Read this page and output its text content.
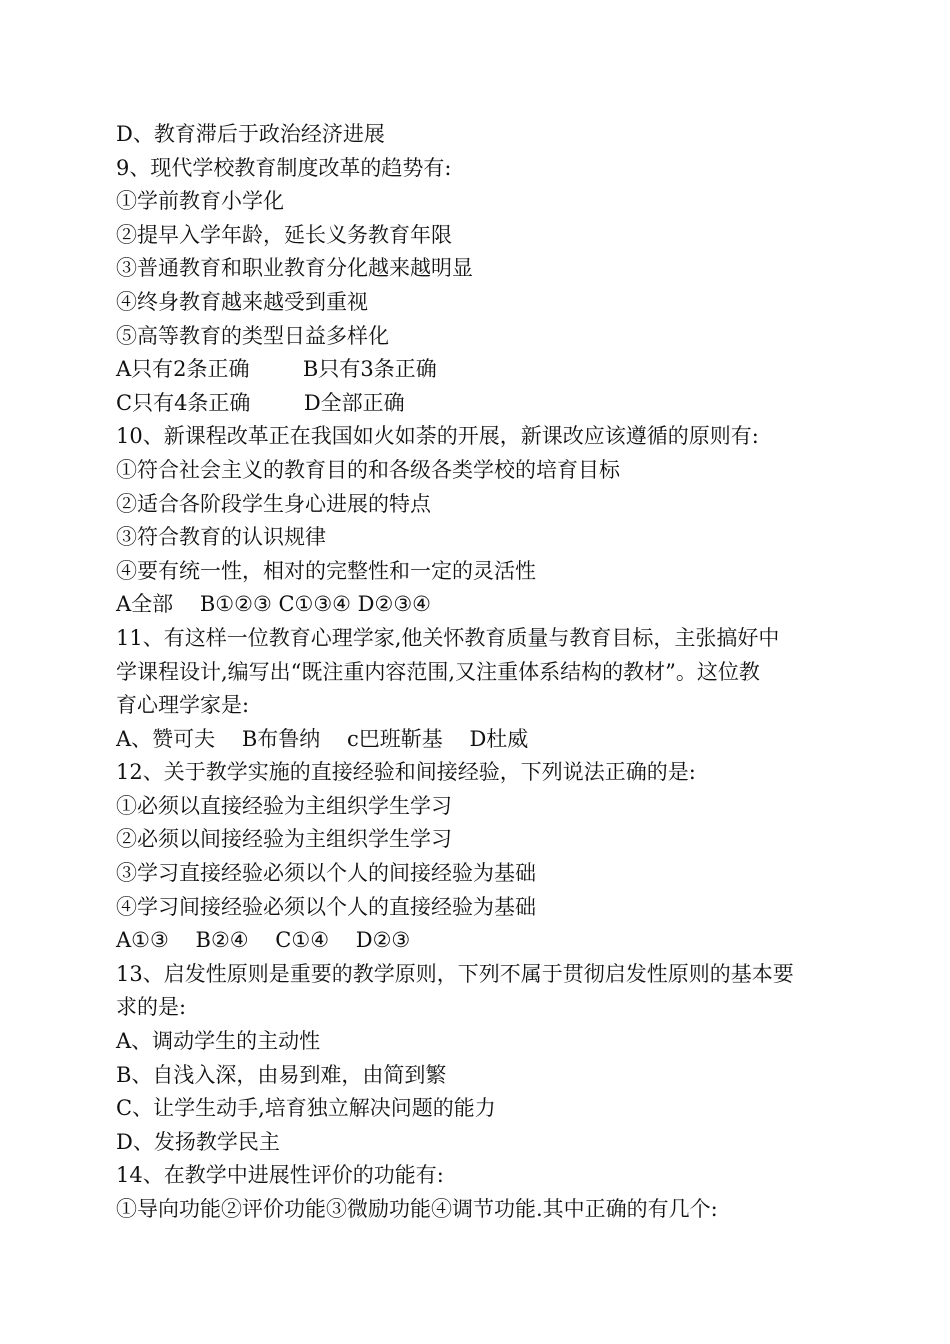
D、教育滞后于政治经济进展

9、现代学校教育制度改革的趋势有:

①学前教育小学化

②提早入学年龄，延长义务教育年限

③普通教育和职业教育分化越来越明显

④终身教育越来越受到重视

⑤高等教育的类型日益多样化

A只有2条正确        B只有3条正确

C只有4条正确        D全部正确

10、新课程改革正在我国如火如荼的开展，新课改应该遵循的原则有:

①符合社会主义的教育目的和各级各类学校的培育目标

②适合各阶段学生身心进展的特点

③符合教育的认识规律

④要有统一性，相对的完整性和一定的灵活性

A全部    B①②③ C①③④ D②③④

11、有这样一位教育心理学家,他关怀教育质量与教育目标，主张搞好中

学课程设计,编写出“既注重内容范围,又注重体系结构的教材”。这位教

育心理学家是:

A、赞可夫    B布鲁纳    c巴班靳基    D杜威

12、关于教学实施的直接经验和间接经验，下列说法正确的是:

①必须以直接经验为主组织学生学习

②必须以间接经验为主组织学生学习

③学习直接经验必须以个人的间接经验为基础

④学习间接经验必须以个人的直接经验为基础

A①③    B②④    C①④    D②③

13、启发性原则是重要的教学原则，下列不属于贯彻启发性原则的基本要

求的是:

A、调动学生的主动性

B、自浅入深，由易到难，由简到繁

C、让学生动手,培育独立解决问题的能力

D、发扬教学民主

14、在教学中进展性评价的功能有:

①导向功能②评价功能③微励功能④调节功能.其中正确的有几个:
